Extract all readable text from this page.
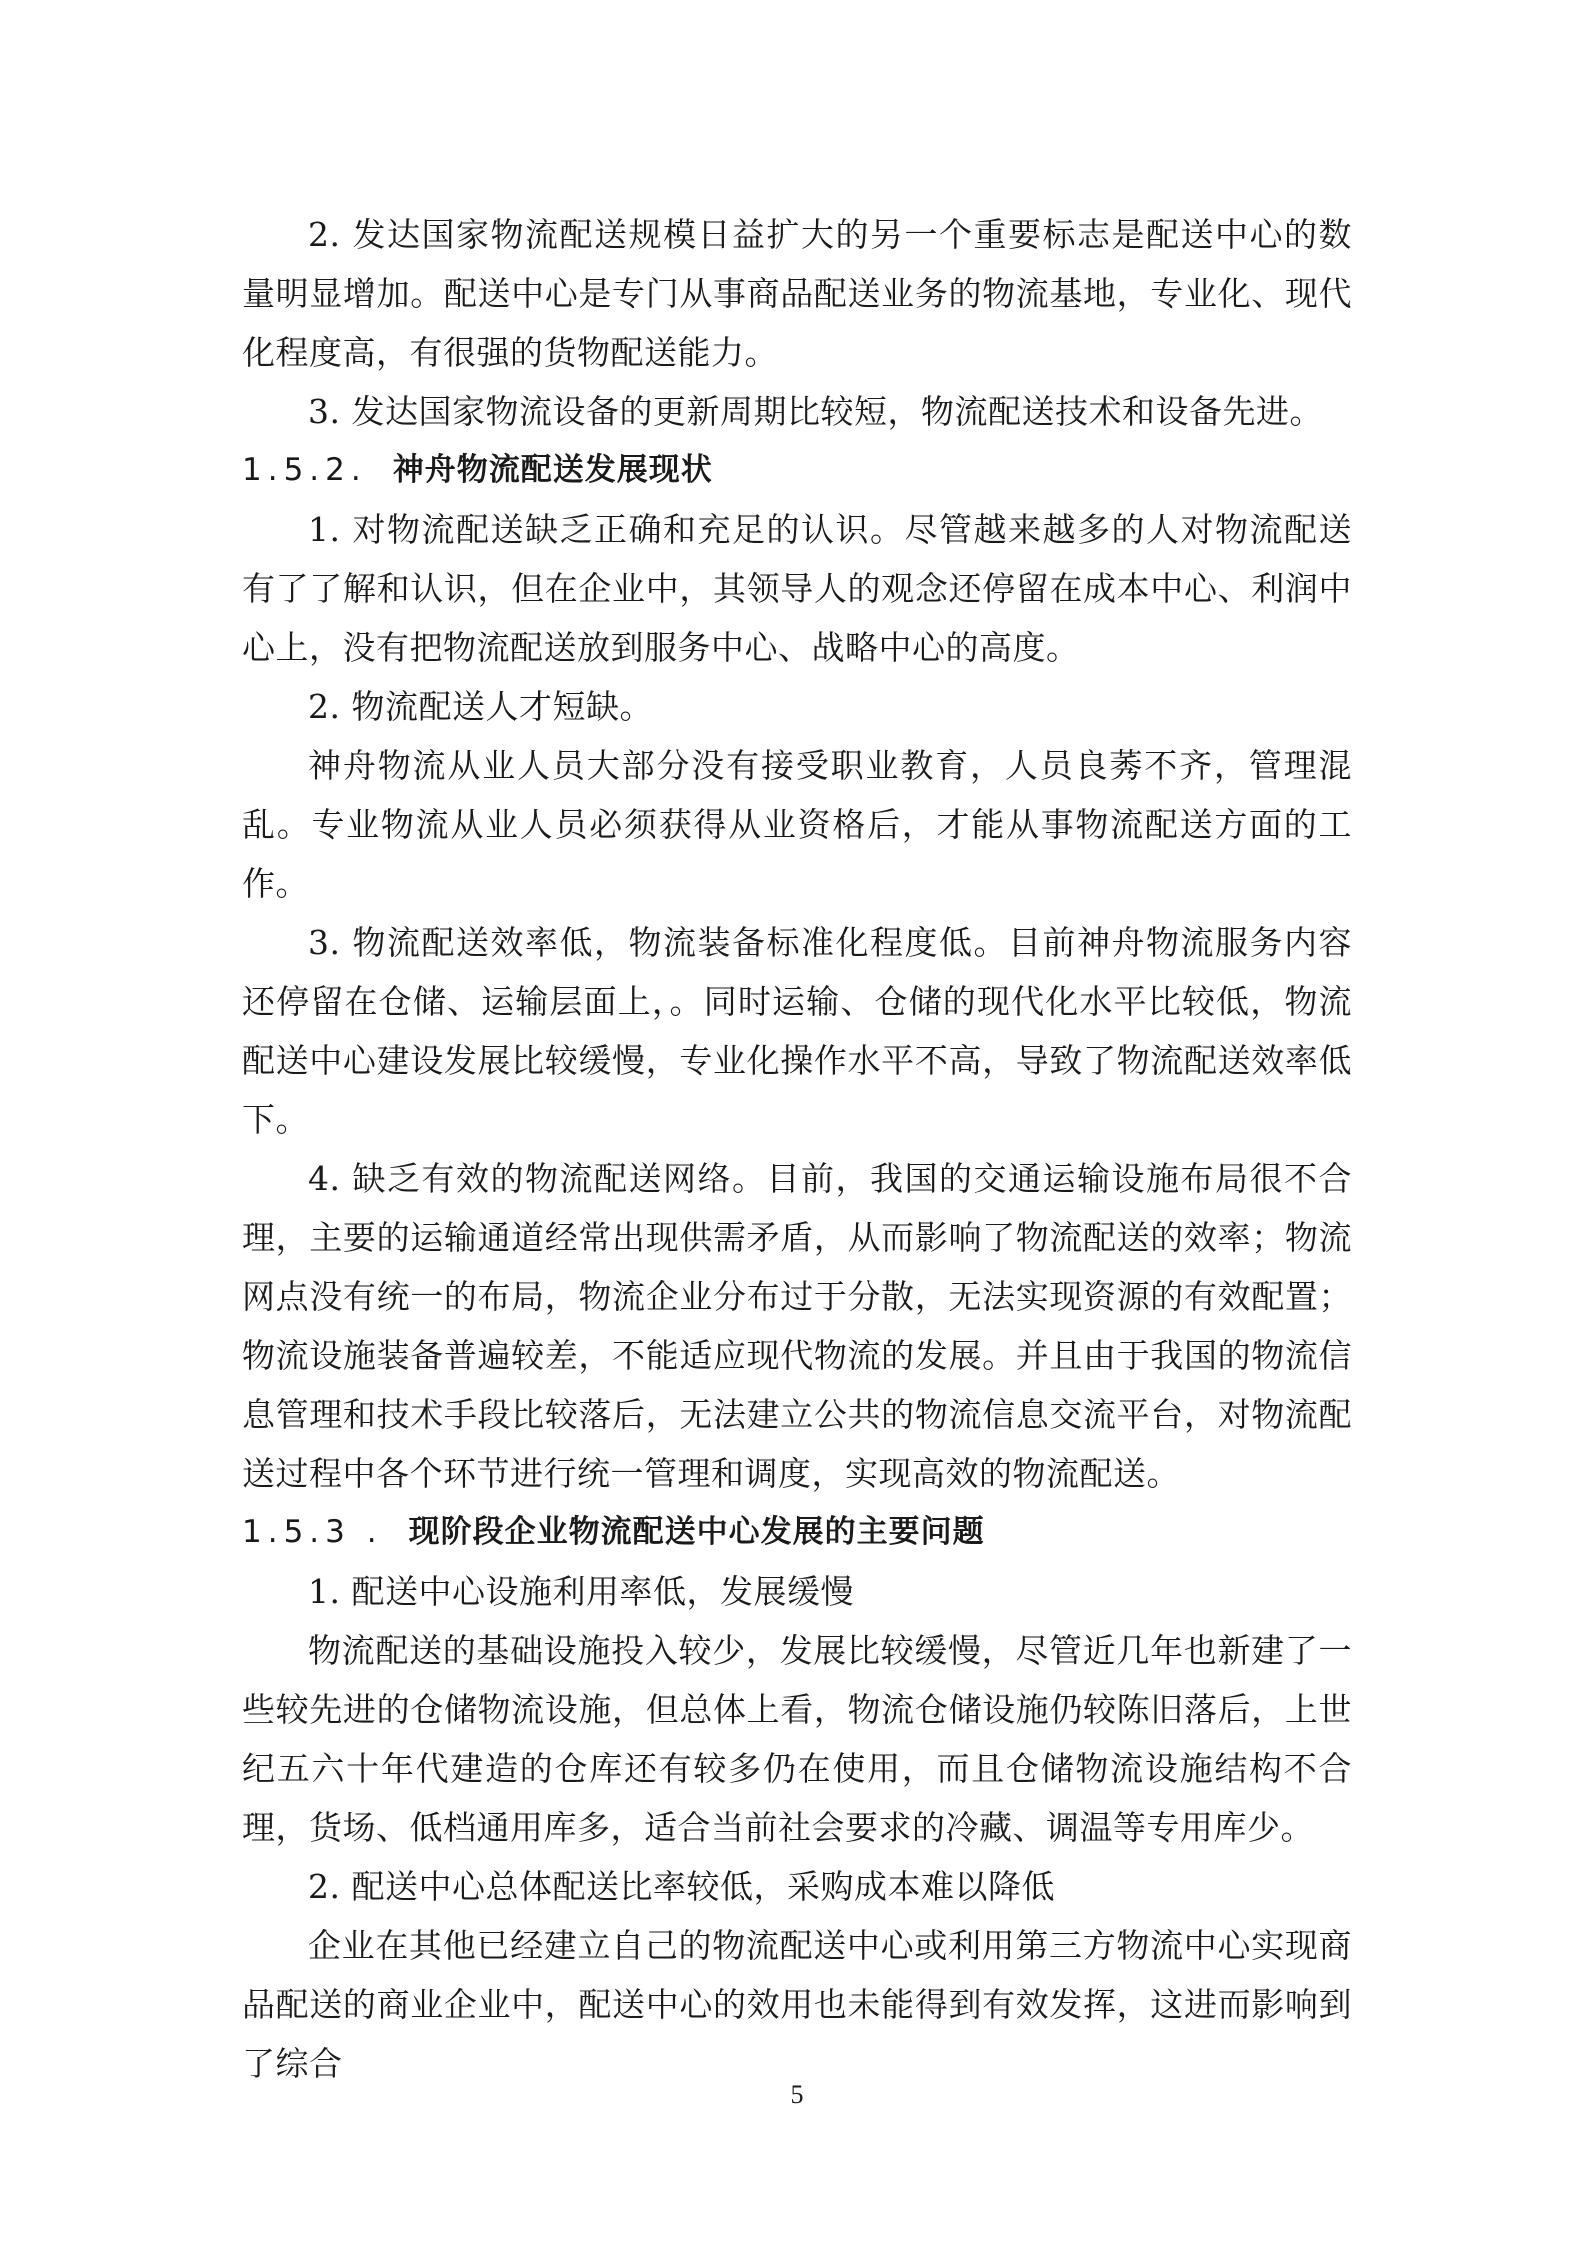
2. 发达国家物流配送规模日益扩大的另一个重要标志是配送中心的数量明显增加。配送中心是专门从事商品配送业务的物流基地，专业化、现代化程度高，有很强的货物配送能力。

3. 发达国家物流设备的更新周期比较短，物流配送技术和设备先进。

1.5.2. 神舟物流配送发展现状

1. 对物流配送缺乏正确和充足的认识。尽管越来越多的人对物流配送有了了解和认识，但在企业中，其领导人的观念还停留在成本中心、利润中心上，没有把物流配送放到服务中心、战略中心的高度。

2. 物流配送人才短缺。

神舟物流从业人员大部分没有接受职业教育，人员良莠不齐，管理混乱。专业物流从业人员必须获得从业资格后，才能从事物流配送方面的工作。

3. 物流配送效率低，物流装备标准化程度低。目前神舟物流服务内容还停留在仓储、运输层面上，。同时运输、仓储的现代化水平比较低，物流配送中心建设发展比较缓慢，专业化操作水平不高，导致了物流配送效率低下。

4. 缺乏有效的物流配送网络。目前，我国的交通运输设施布局很不合理，主要的运输通道经常出现供需矛盾，从而影响了物流配送的效率；物流网点没有统一的布局，物流企业分布过于分散，无法实现资源的有效配置；物流设施装备普遍较差，不能适应现代物流的发展。并且由于我国的物流信息管理和技术手段比较落后，无法建立公共的物流信息交流平台，对物流配送过程中各个环节进行统一管理和调度，实现高效的物流配送。

1.5.3 . 现阶段企业物流配送中心发展的主要问题

1. 配送中心设施利用率低，发展缓慢

物流配送的基础设施投入较少，发展比较缓慢，尽管近几年也新建了一些较先进的仓储物流设施，但总体上看，物流仓储设施仍较陈旧落后，上世纪五六十年代建造的仓库还有较多仍在使用，而且仓储物流设施结构不合理，货场、低档通用库多，适合当前社会要求的冷藏、调温等专用库少。

2. 配送中心总体配送比率较低，采购成本难以降低

企业在其他已经建立自己的物流配送中心或利用第三方物流中心实现商品配送的商业企业中，配送中心的效用也未能得到有效发挥，这进而影响到了综合

5
